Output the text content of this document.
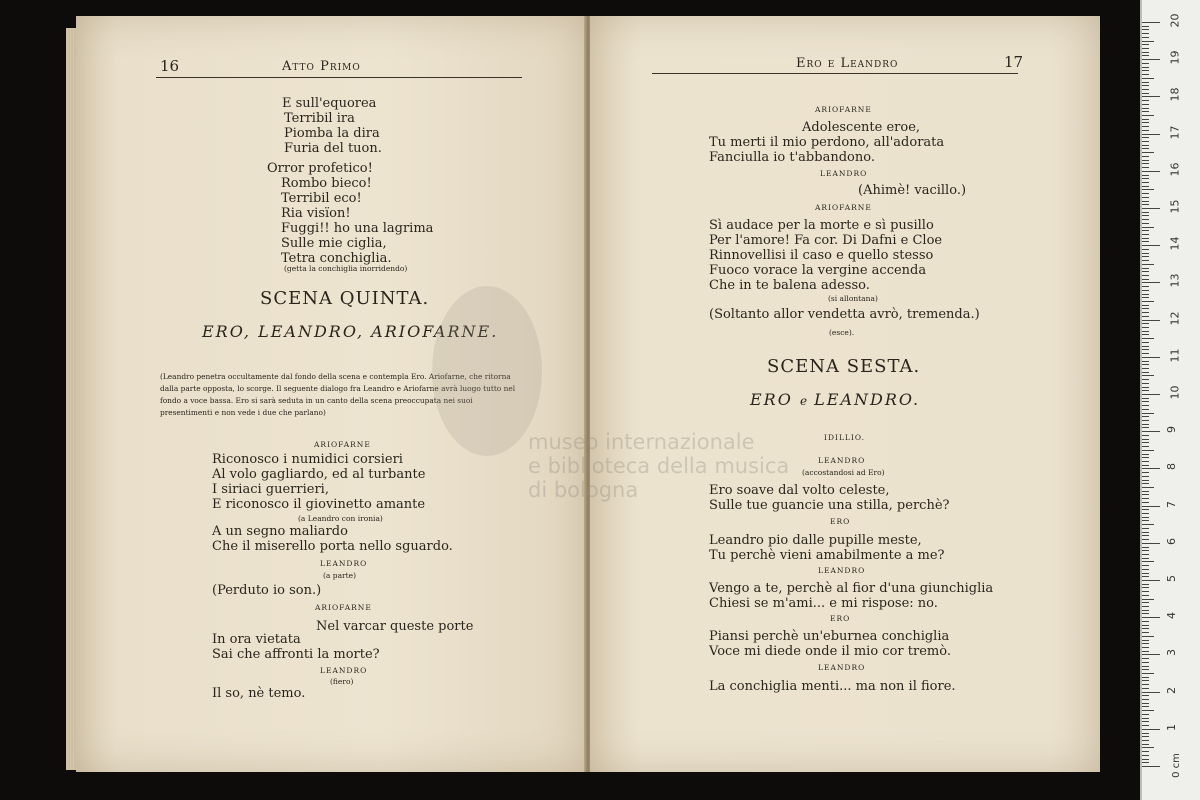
16	Atto Primo
E sull'equorea
Terribil ira
Piomba la dira
Furia del tuon.
Orror profetico!
Rombo bieco!
Terribil eco!
Ria visïon!
Fuggi!! ho una lagrima
Sulle mie ciglia,
Tetra conchiglia.
(getta la conchiglia inorridendo)
SCENA QUINTA.
ERO, LEANDRO, ARIOFARNE.
(Leandro penetra occultamente dal fondo della scena e contempla Ero. Ariofarne, che ritorna dalla parte opposta, lo scorge. Il seguente dialogo fra Leandro e Ariofarne avrà luogo tutto nel fondo a voce bassa. Ero si sarà seduta in un canto della scena preoccupata nei suoi presentimenti e non vede i due che parlano)
ARIOFARNE
Riconosco i numidici corsieri
Al volo gagliardo, ed al turbante
I siriaci guerrieri,
E riconosco il giovinetto amante
(a Leandro con ironia)
A un segno maliardo
Che il miserello porta nello sguardo.
LEANDRO
(a parte)
(Perduto io son.)
ARIOFARNE
Nel varcar queste porte
In ora vietata
Sai che affronti la morte?
LEANDRO
(fiero)
Il so, nè temo.
Ero e Leandro	17
ARIOFARNE
Adolescente eroe,
Tu merti il mio perdono, all'adorata
Fanciulla io t'abbandono.
LEANDRO
(Ahimè! vacillo.)
ARIOFARNE
Sì audace per la morte e sì pusillo
Per l'amore! Fa cor. Di Dafni e Cloe
Rinnovellisi il caso e quello stesso
Fuoco vorace la vergine accenda
Che in te balena adesso.
(si allontana)
(Soltanto allor vendetta avrò, tremenda.)
(esce).
SCENA SESTA.
ERO e LEANDRO.
IDILLIO.
LEANDRO
(accostandosi ad Ero)
Ero soave dal volto celeste,
Sulle tue guancie una stilla, perchè?
ERO
Leandro pio dalle pupille meste,
Tu perchè vieni amabilmente a me?
LEANDRO
Vengo a te, perchè al fior d'una giunchiglia
Chiesi se m'ami... e mi rispose: no.
ERO
Piansi perchè un'eburnea conchiglia
Voce mi diede onde il mio cor tremò.
LEANDRO
La conchiglia menti... ma non il fiore.
museo internazionale
e biblioteca della musica
di bologna
0 cm
1
2
3
4
5
6
7
8
9
10
11
12
13
14
15
16
17
18
19
20
